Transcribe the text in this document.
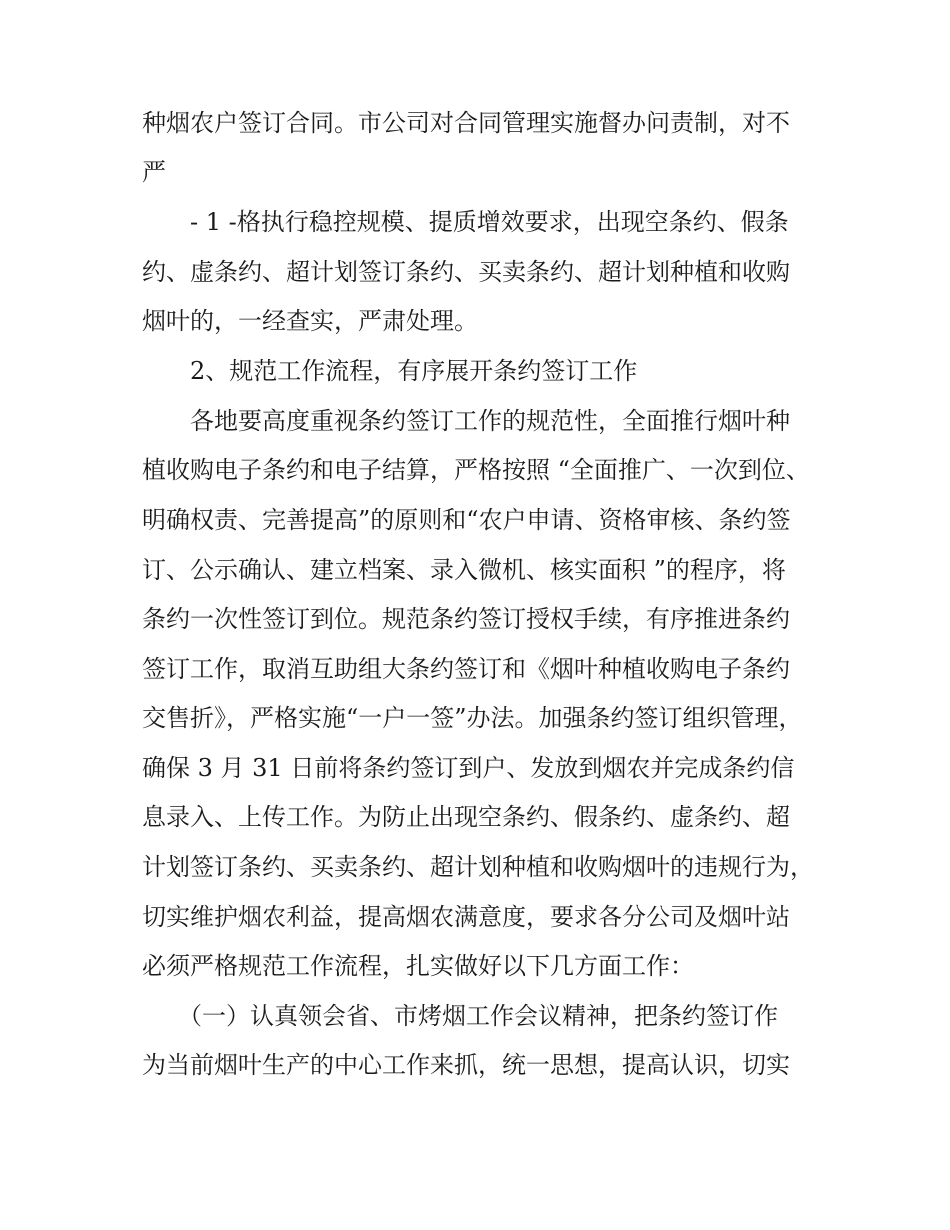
种烟农户签订合同。市公司对合同管理实施督办问责制，对不
严
- 1 -格执行稳控规模、提质增效要求，出现空条约、假条
约、虚条约、超计划签订条约、买卖条约、超计划种植和收购
烟叶的，一经查实，严肃处理。
2、规范工作流程，有序展开条约签订工作
各地要高度重视条约签订工作的规范性，全面推行烟叶种
植收购电子条约和电子结算，严格按照 “全面推广、一次到位、
明确权责、完善提高”的原则和“农户申请、资格审核、条约签
订、公示确认、建立档案、录入微机、核实面积 ”的程序，将
条约一次性签订到位。规范条约签订授权手续，有序推进条约
签订工作，取消互助组大条约签订和《烟叶种植收购电子条约
交售折》，严格实施“一户一签”办法。加强条约签订组织管理，
确保 3 月 31 日前将条约签订到户、发放到烟农并完成条约信
息录入、上传工作。为防止出现空条约、假条约、虚条约、超
计划签订条约、买卖条约、超计划种植和收购烟叶的违规行为，
切实维护烟农利益，提高烟农满意度，要求各分公司及烟叶站
必须严格规范工作流程，扎实做好以下几方面工作：
（一）认真领会省、市烤烟工作会议精神，把条约签订作
为当前烟叶生产的中心工作来抓，统一思想，提高认识，切实
